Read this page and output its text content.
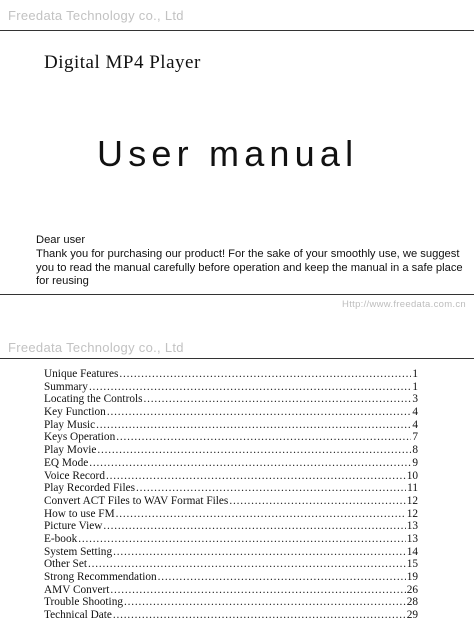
Freedata Technology co., Ltd
Digital MP4 Player
User manual
Dear user
Thank you for purchasing our product! For the sake of your smoothly use, we suggest you to read the manual carefully before operation and keep the manual in a safe place for reusing
Http://www.freedata.com.cn
Freedata Technology co., Ltd
Unique Features .....	1
Summary .....	1
Locating the Controls .....	3
Key Function .....	4
Play Music .....	4
Keys Operation .....	7
Play Movie .....	8
EQ Mode .....	9
Voice Record .....	10
Play Recorded Files .....	11
Convert ACT Files to WAV Format Files .....	12
How to use FM .....	12
Picture View .....	13
E-book .....	13
System Setting .....	14
Other Set .....	15
Strong Recommendation .....	19
AMV Convert .....	26
Trouble Shooting .....	28
Technical Date .....	29
